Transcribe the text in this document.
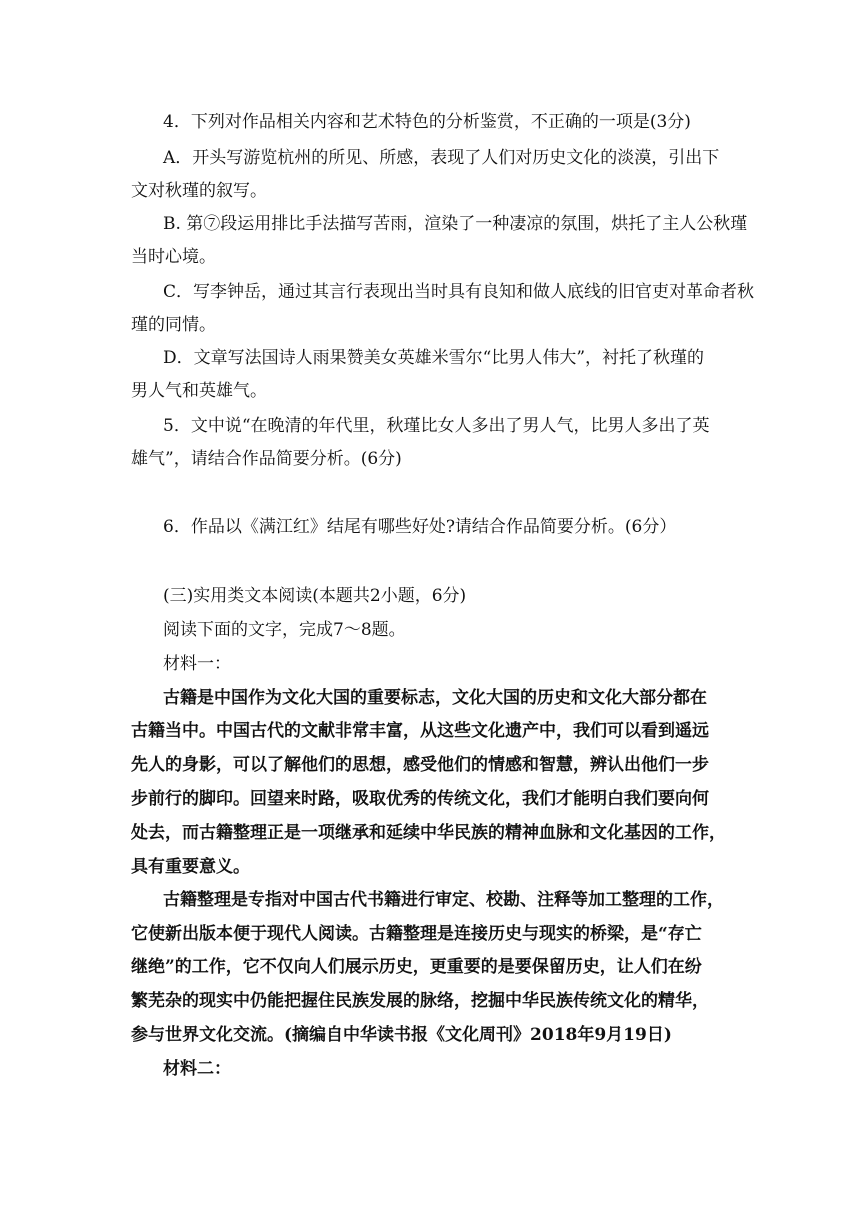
4．下列对作品相关内容和艺术特色的分析鉴赏，不正确的一项是(3分)

A．开头写游览杭州的所见、所感，表现了人们对历史文化的淡漠，引出下

文对秋瑾的叙写。

B. 第⑦段运用排比手法描写苦雨，渲染了一种凄凉的氛围，烘托了主人公秋瑾

当时心境。

C．写李钟岳，通过其言行表现出当时具有良知和做人底线的旧官吏对革命者秋

瑾的同情。

D．文章写法国诗人雨果赞美女英雄米雪尔“比男人伟大”，衬托了秋瑾的

男人气和英雄气。

5．文中说“在晚清的年代里，秋瑾比女人多出了男人气，比男人多出了英

雄气”，请结合作品简要分析。(6分)

6．作品以《满江红》结尾有哪些好处?请结合作品简要分析。(6分）

(三)实用类文本阅读(本题共2小题，6分)

阅读下面的文字，完成7～8题。

材料一：

古籍是中国作为文化大国的重要标志，文化大国的历史和文化大部分都在

古籍当中。中国古代的文献非常丰富，从这些文化遗产中，我们可以看到遥远

先人的身影，可以了解他们的思想，感受他们的情感和智慧，辨认出他们一步

步前行的脚印。回望来时路，吸取优秀的传统文化，我们才能明白我们要向何

处去，而古籍整理正是一项继承和延续中华民族的精神血脉和文化基因的工作，

具有重要意义。

古籍整理是专指对中国古代书籍进行审定、校勘、注释等加工整理的工作，

它使新出版本便于现代人阅读。古籍整理是连接历史与现实的桥梁，是“存亡

继绝”的工作，它不仅向人们展示历史，更重要的是要保留历史，让人们在纷

繁芜杂的现实中仍能把握住民族发展的脉络，挖掘中华民族传统文化的精华，

参与世界文化交流。(摘编自中华读书报《文化周刊》2018年9月19日)

材料二：
